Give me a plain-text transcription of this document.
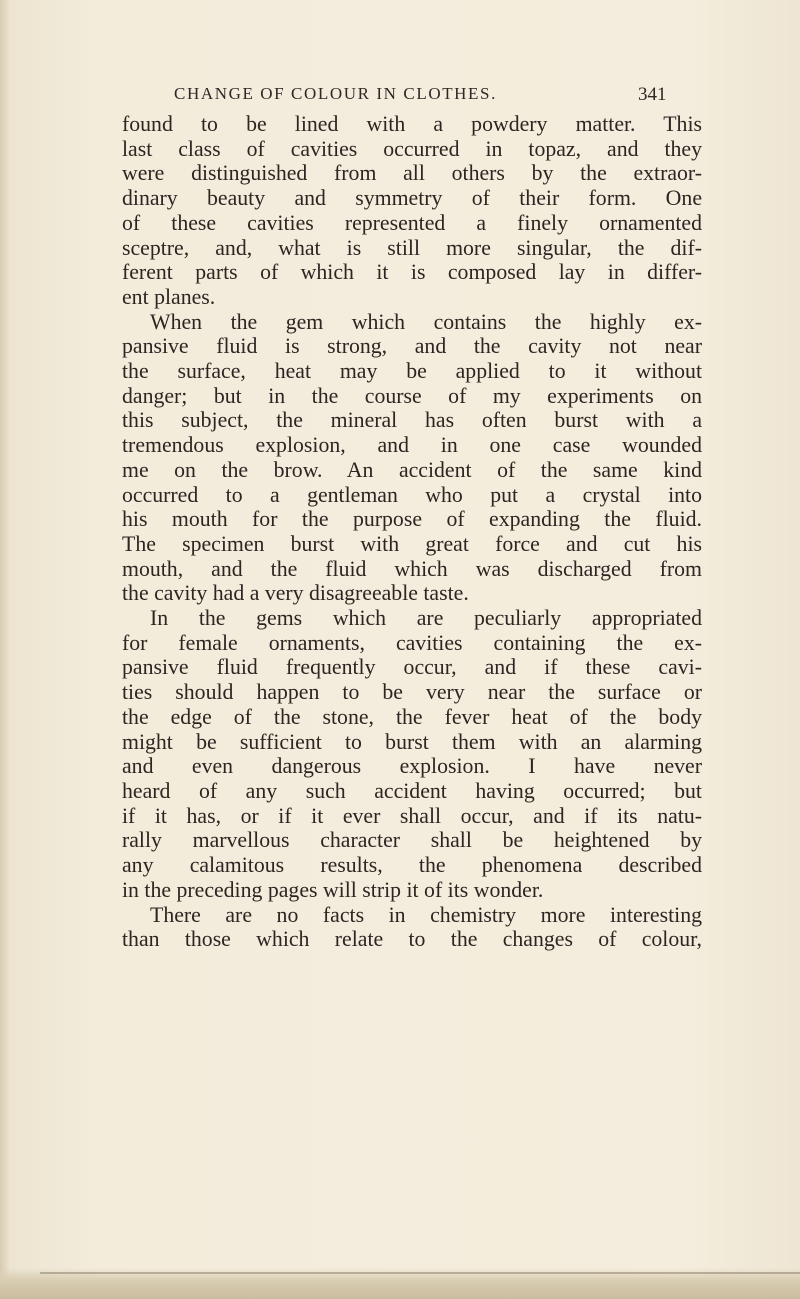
CHANGE OF COLOUR IN CLOTHES.	341
found to be lined with a powdery matter. This
last class of cavities occurred in topaz, and they
were distinguished from all others by the extraor-
dinary beauty and symmetry of their form. One
of these cavities represented a finely ornamented
sceptre, and, what is still more singular, the dif-
ferent parts of which it is composed lay in differ-
ent planes.
When the gem which contains the highly ex-
pansive fluid is strong, and the cavity not near
the surface, heat may be applied to it without
danger; but in the course of my experiments on
this subject, the mineral has often burst with a
tremendous explosion, and in one case wounded
me on the brow. An accident of the same kind
occurred to a gentleman who put a crystal into
his mouth for the purpose of expanding the fluid.
The specimen burst with great force and cut his
mouth, and the fluid which was discharged from
the cavity had a very disagreeable taste.
In the gems which are peculiarly appropriated
for female ornaments, cavities containing the ex-
pansive fluid frequently occur, and if these cavi-
ties should happen to be very near the surface or
the edge of the stone, the fever heat of the body
might be sufficient to burst them with an alarming
and even dangerous explosion. I have never
heard of any such accident having occurred; but
if it has, or if it ever shall occur, and if its natu-
rally marvellous character shall be heightened by
any calamitous results, the phenomena described
in the preceding pages will strip it of its wonder.
There are no facts in chemistry more interesting
than those which relate to the changes of colour,
